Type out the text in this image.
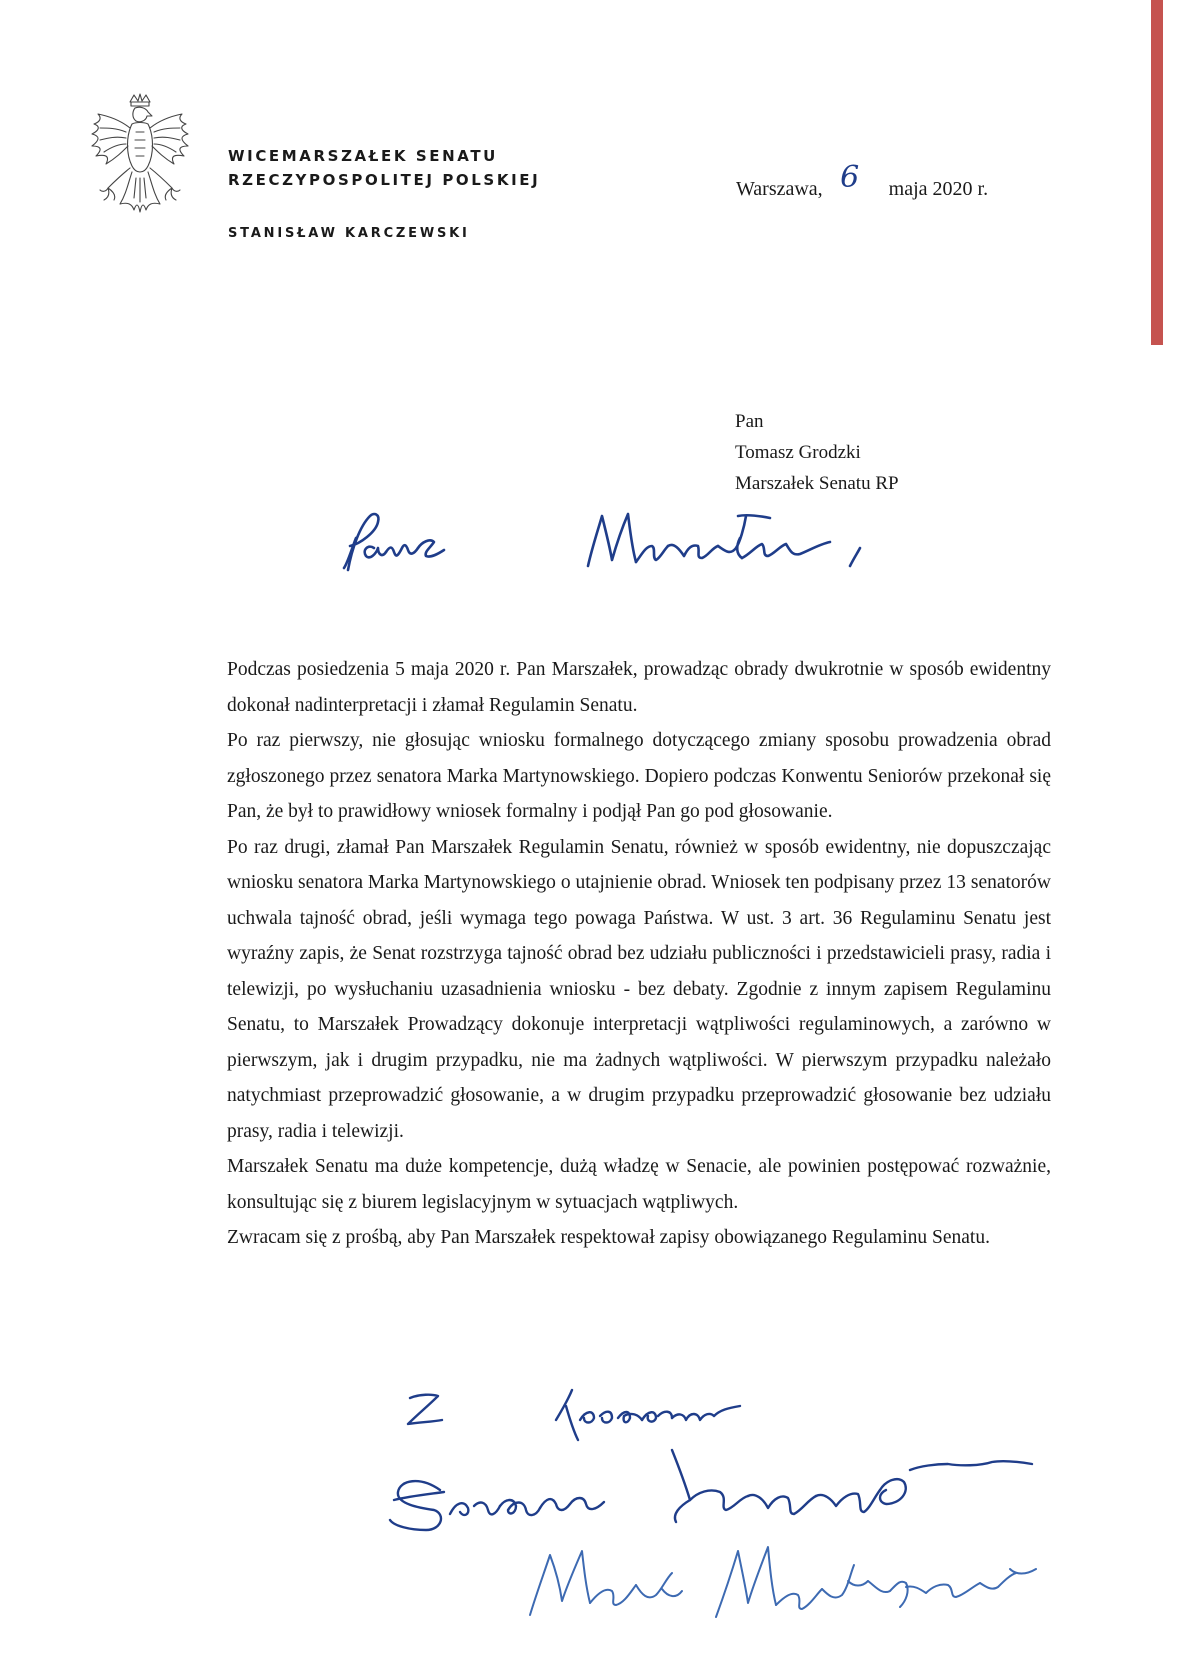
WICEMARSZAŁEK SENATU
RZECZYPOSPOLITEJ POLSKIEJ
STANISŁAW KARCZEWSKI
Warszawa, 6 maja 2020 r.
Pan
Tomasz Grodzki
Marszałek Senatu RP

Podczas posiedzenia 5 maja 2020 r. Pan Marszałek, prowadząc obrady dwukrotnie w sposób ewidentny dokonał nadinterpretacji i złamał Regulamin Senatu.

Po raz pierwszy, nie głosując wniosku formalnego dotyczącego zmiany sposobu prowadzenia obrad zgłoszonego przez senatora Marka Martynowskiego. Dopiero podczas Konwentu Seniorów przekonał się Pan, że był to prawidłowy wniosek formalny i podjął Pan go pod głosowanie.

Po raz drugi, złamał Pan Marszałek Regulamin Senatu, również w sposób ewidentny, nie dopuszczając wniosku senatora Marka Martynowskiego o utajnienie obrad. Wniosek ten podpisany przez 13 senatorów uchwala tajność obrad, jeśli wymaga tego powaga Państwa. W ust. 3 art. 36 Regulaminu Senatu jest wyraźny zapis, że Senat rozstrzyga tajność obrad bez udziału publiczności i przedstawicieli prasy, radia i telewizji, po wysłuchaniu uzasadnienia wniosku - bez debaty. Zgodnie z innym zapisem Regulaminu Senatu, to Marszałek Prowadzący dokonuje interpretacji wątpliwości regulaminowych, a zarówno w pierwszym, jak i drugim przypadku, nie ma żadnych wątpliwości. W pierwszym przypadku należało natychmiast przeprowadzić głosowanie, a w drugim przypadku przeprowadzić głosowanie bez udziału prasy, radia i telewizji.

Marszałek Senatu ma duże kompetencje, dużą władzę w Senacie, ale powinien postępować rozważnie, konsultując się z biurem legislacyjnym w sytuacjach wątpliwych.

Zwracam się z prośbą, aby Pan Marszałek respektował zapisy obowiązanego Regulaminu Senatu.
